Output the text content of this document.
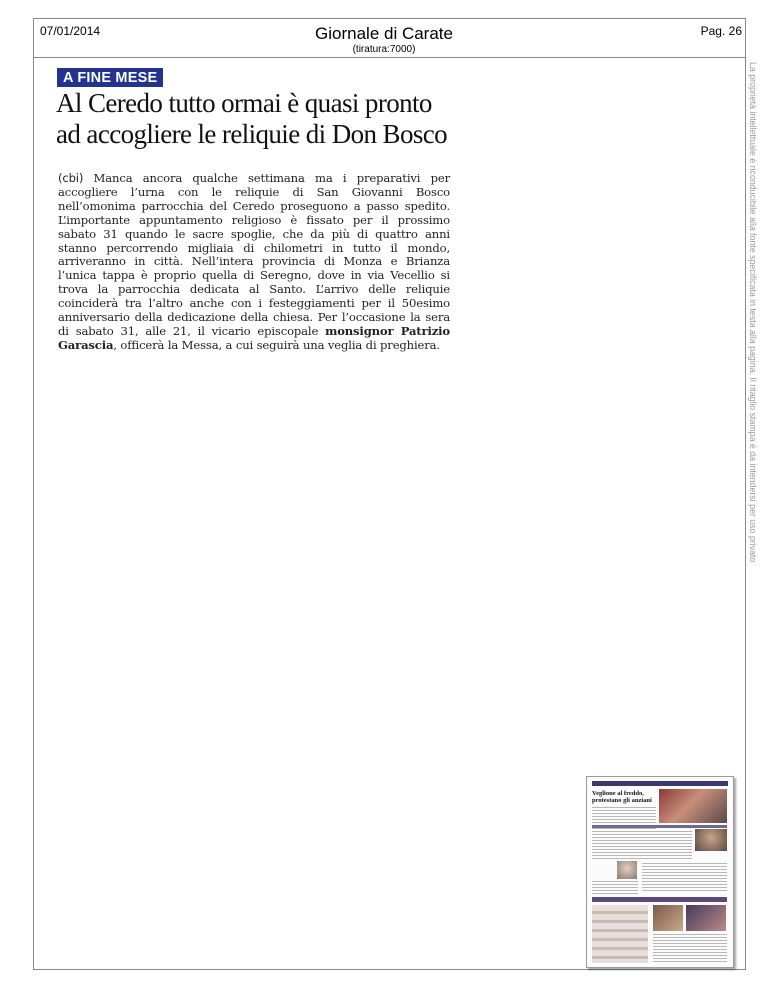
07/01/2014	Giornale di Carate
(tiratura:7000)
Pag. 26
La proprietà intellettuale è riconducibile alla fonte specificata in testa alla pagina. Il ritaglio stampa è da intendersi per uso privato
A FINE MESE
Al Ceredo tutto ormai è quasi pronto
ad accogliere le reliquie di Don Bosco
(cbi) Manca ancora qualche settimana ma i preparativi per accogliere l’urna con le reliquie di San Giovanni Bosco nell’omonima parrocchia del Ceredo proseguono a passo spedito. L’importante appuntamento religioso è fissato per il prossimo sabato 31 quando le sacre spoglie, che da più di quattro anni stanno percorrendo migliaia di chilometri in tutto il mondo, arriveranno in città. Nell’intera provincia di Monza e Brianza l’unica tappa è proprio quella di Seregno, dove in via Vecellio si trova la parrocchia dedicata al Santo. L’arrivo delle reliquie coinciderà tra l’altro anche con i festeggiamenti per il 50esimo anniversario della dedicazione della chiesa. Per l’occasione la sera di sabato 31, alle 21, il vicario episcopale monsignor Patrizio Garascia, officerà la Messa, a cui seguirà una veglia di preghiera.
Veglione al freddo,
protestano gli anziani
